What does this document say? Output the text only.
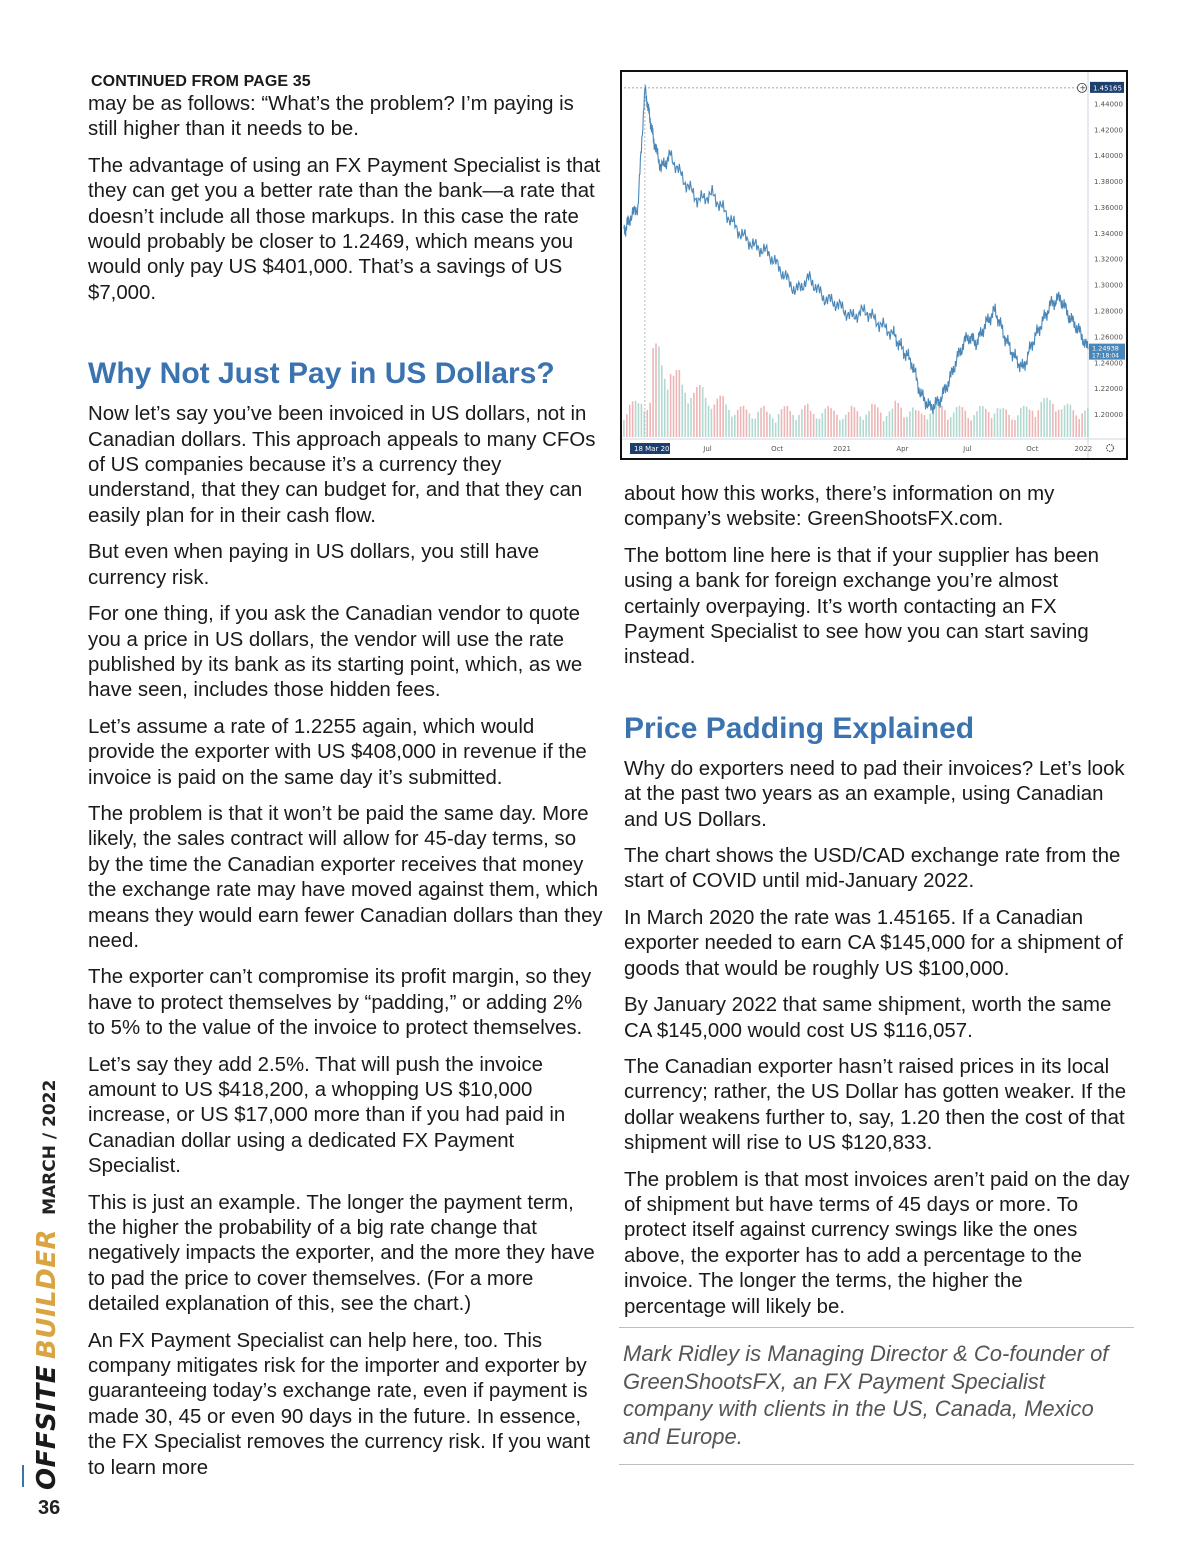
CONTINUED FROM PAGE 35

may be as follows: “What’s the problem? I’m paying is still higher than it needs to be.

The advantage of using an FX Payment Specialist is that they can get you a better rate than the bank—a rate that doesn’t include all those markups. In this case the rate would probably be closer to 1.2469, which means you would only pay US $401,000. That’s a savings of US $7,000.

Why Not Just Pay in US Dollars?

Now let’s say you’ve been invoiced in US dollars, not in Canadian dollars. This approach appeals to many CFOs of US companies because it’s a currency they understand, that they can budget for, and that they can easily plan for in their cash flow.

But even when paying in US dollars, you still have currency risk.

For one thing, if you ask the Canadian vendor to quote you a price in US dollars, the vendor will use the rate published by its bank as its starting point, which, as we have seen, includes those hidden fees.

Let’s assume a rate of 1.2255 again, which would provide the exporter with US $408,000 in revenue if the invoice is paid on the same day it’s submitted.

The problem is that it won’t be paid the same day. More likely, the sales contract will allow for 45-day terms, so by the time the Canadian exporter receives that money the exchange rate may have moved against them, which means they would earn fewer Canadian dollars than they need.

The exporter can’t compromise its profit margin, so they have to protect themselves by “padding,” or adding 2% to 5% to the value of the invoice to protect themselves.

Let’s say they add 2.5%. That will push the invoice amount to US $418,200, a whopping US $10,000 increase, or US $17,000 more than if you had paid in Canadian dollar using a dedicated FX Payment Specialist.

This is just an example. The longer the payment term, the higher the probability of a big rate change that negatively impacts the exporter, and the more they have to pad the price to cover themselves. (For a more detailed explanation of this, see the chart.)

An FX Payment Specialist can help here, too. This company mitigates risk for the importer and exporter by guaranteeing today’s exchange rate, even if payment is made 30, 45 or even 90 days in the future. In essence, the FX Specialist removes the currency risk. If you want to learn more

1.44000
1.42000
1.40000
1.38000
1.36000
1.34000
1.32000
1.30000
1.28000
1.26000
1.24000
1.22000
1.20000
1.45165
+
1.24938
17:18:04
Jul	Oct	2021	Apr	Jul	Oct	2022
18 Mar 20

about how this works, there’s information on my company’s website: GreenShootsFX.com.

The bottom line here is that if your supplier has been using a bank for foreign exchange you’re almost certainly overpaying. It’s worth contacting an FX Payment Specialist to see how you can start saving instead.

Price Padding Explained

Why do exporters need to pad their invoices? Let’s look at the past two years as an example, using Canadian and US Dollars.

The chart shows the USD/CAD exchange rate from the start of COVID until mid-January 2022.

In March 2020 the rate was 1.45165. If a Canadian exporter needed to earn CA $145,000 for a shipment of goods that would be roughly US $100,000.

By January 2022 that same shipment, worth the same CA $145,000 would cost US $116,057.

The Canadian exporter hasn’t raised prices in its local currency; rather, the US Dollar has gotten weaker. If the dollar weakens further to, say, 1.20 then the cost of that shipment will rise to US $120,833.

The problem is that most invoices aren’t paid on the day of shipment but have terms of 45 days or more. To protect itself against currency swings like the ones above, the exporter has to add a percentage to the invoice. The longer the terms, the higher the percentage will likely be.

Mark Ridley is Managing Director & Co-founder of GreenShootsFX, an FX Payment Specialist company with clients in the US, Canada, Mexico and Europe.

OFFSITEBUILDERMARCH / 2022
36
